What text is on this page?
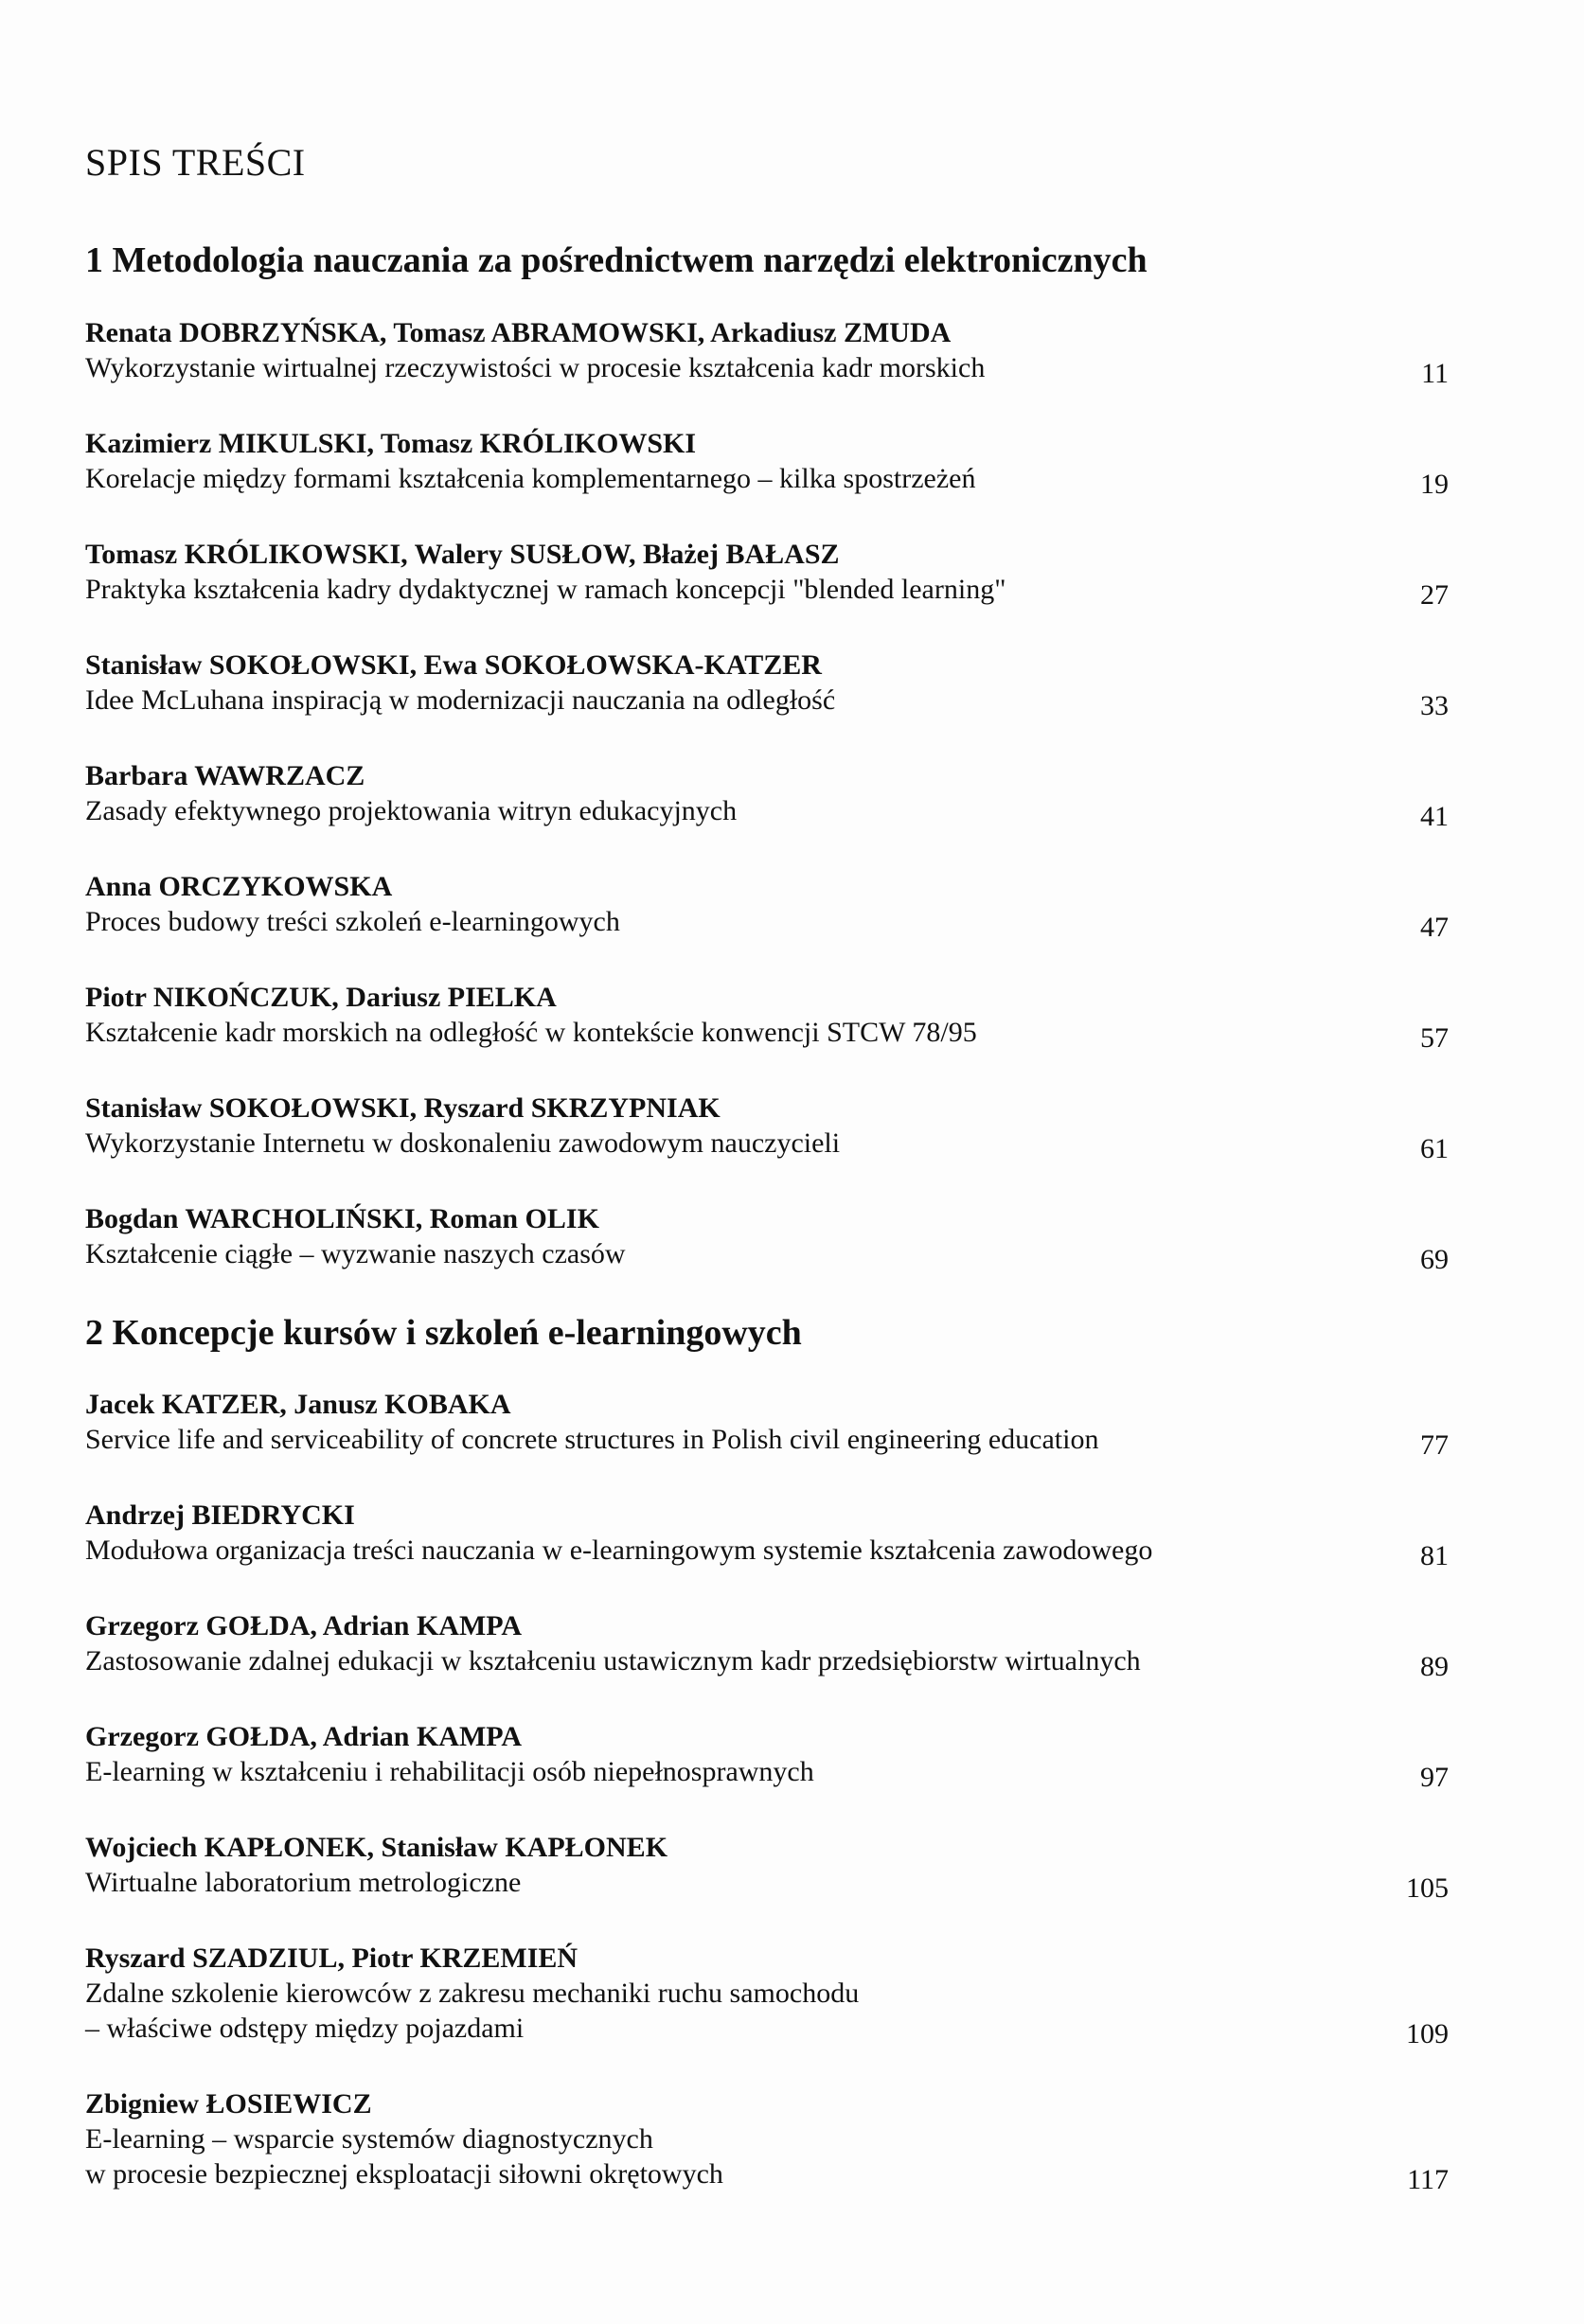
SPIS TREŚCI
1 Metodologia nauczania za pośrednictwem narzędzi elektronicznych
Renata DOBRZYŃSKA, Tomasz ABRAMOWSKI, Arkadiusz ZMUDA
Wykorzystanie wirtualnej rzeczywistości w procesie kształcenia kadr morskich	11
Kazimierz MIKULSKI, Tomasz KRÓLIKOWSKI
Korelacje między formami kształcenia komplementarnego – kilka spostrzeżeń	19
Tomasz KRÓLIKOWSKI, Walery SUSŁOW, Błażej BAŁASZ
Praktyka kształcenia kadry dydaktycznej w ramach koncepcji "blended learning"	27
Stanisław SOKOŁOWSKI, Ewa SOKOŁOWSKA-KATZER
Idee McLuhana inspiracją w modernizacji nauczania na odległość	33
Barbara WAWRZACZ
Zasady efektywnego projektowania witryn edukacyjnych	41
Anna ORCZYKOWSKA
Proces budowy treści szkoleń e-learningowych	47
Piotr NIKOŃCZUK, Dariusz PIELKA
Kształcenie kadr morskich na odległość w kontekście konwencji STCW 78/95	57
Stanisław SOKOŁOWSKI, Ryszard SKRZYPNIAK
Wykorzystanie Internetu w doskonaleniu zawodowym nauczycieli	61
Bogdan WARCHOLIŃSKI, Roman OLIK
Kształcenie ciągłe – wyzwanie naszych czasów	69
2 Koncepcje kursów i szkoleń e-learningowych
Jacek KATZER, Janusz KOBAKA
Service life and serviceability of concrete structures in Polish civil engineering education	77
Andrzej BIEDRYCKI
Modułowa organizacja treści nauczania w e-learningowym systemie kształcenia zawodowego	81
Grzegorz GOŁDA, Adrian KAMPA
Zastosowanie zdalnej edukacji w kształceniu ustawicznym kadr przedsiębiorstw wirtualnych	89
Grzegorz GOŁDA, Adrian KAMPA
E-learning w kształceniu i rehabilitacji osób niepełnosprawnych	97
Wojciech KAPŁONEK, Stanisław KAPŁONEK
Wirtualne laboratorium metrologiczne	105
Ryszard SZADZIUL, Piotr KRZEMIEŃ
Zdalne szkolenie kierowców z zakresu mechaniki ruchu samochodu
– właściwe odstępy między pojazdami	109
Zbigniew ŁOSIEWICZ
E-learning – wsparcie systemów diagnostycznych
w procesie bezpiecznej eksploatacji siłowni okrętowych	117
